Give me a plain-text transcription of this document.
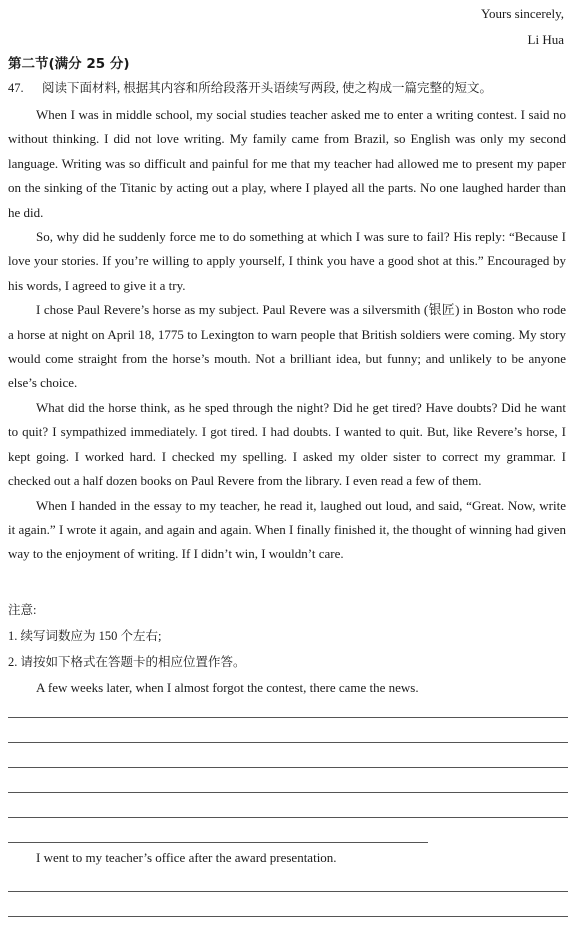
Yours sincerely,
Li Hua
第二节(满分 25 分)
47. 阅读下面材料, 根据其内容和所给段落开头语续写两段, 使之构成一篇完整的短文。

When I was in middle school, my social studies teacher asked me to enter a writing contest. I said no without thinking. I did not love writing. My family came from Brazil, so English was only my second language. Writing was so difficult and painful for me that my teacher had allowed me to present my paper on the sinking of the Titanic by acting out a play, where I played all the parts. No one laughed harder than he did.

So, why did he suddenly force me to do something at which I was sure to fail? His reply: “Because I love your stories. If you’re willing to apply yourself, I think you have a good shot at this.” Encouraged by his words, I agreed to give it a try.

I chose Paul Revere’s horse as my subject. Paul Revere was a silversmith (银匠) in Boston who rode a horse at night on April 18, 1775 to Lexington to warn people that British soldiers were coming. My story would come straight from the horse’s mouth. Not a brilliant idea, but funny; and unlikely to be anyone else’s choice.

What did the horse think, as he sped through the night? Did he get tired? Have doubts? Did he want to quit? I sympathized immediately. I got tired. I had doubts. I wanted to quit. But, like Revere’s horse, I kept going. I worked hard. I checked my spelling. I asked my older sister to correct my grammar. I checked out a half dozen books on Paul Revere from the library. I even read a few of them.

When I handed in the essay to my teacher, he read it, laughed out loud, and said, “Great. Now, write it again.” I wrote it again, and again and again. When I finally finished it, the thought of winning had given way to the enjoyment of writing. If I didn’t win, I wouldn’t care.

注意:
1. 续写词数应为 150 个左右;
2. 请按如下格式在答题卡的相应位置作答。
A few weeks later, when I almost forgot the contest, there came the news.
I went to my teacher’s office after the award presentation.
